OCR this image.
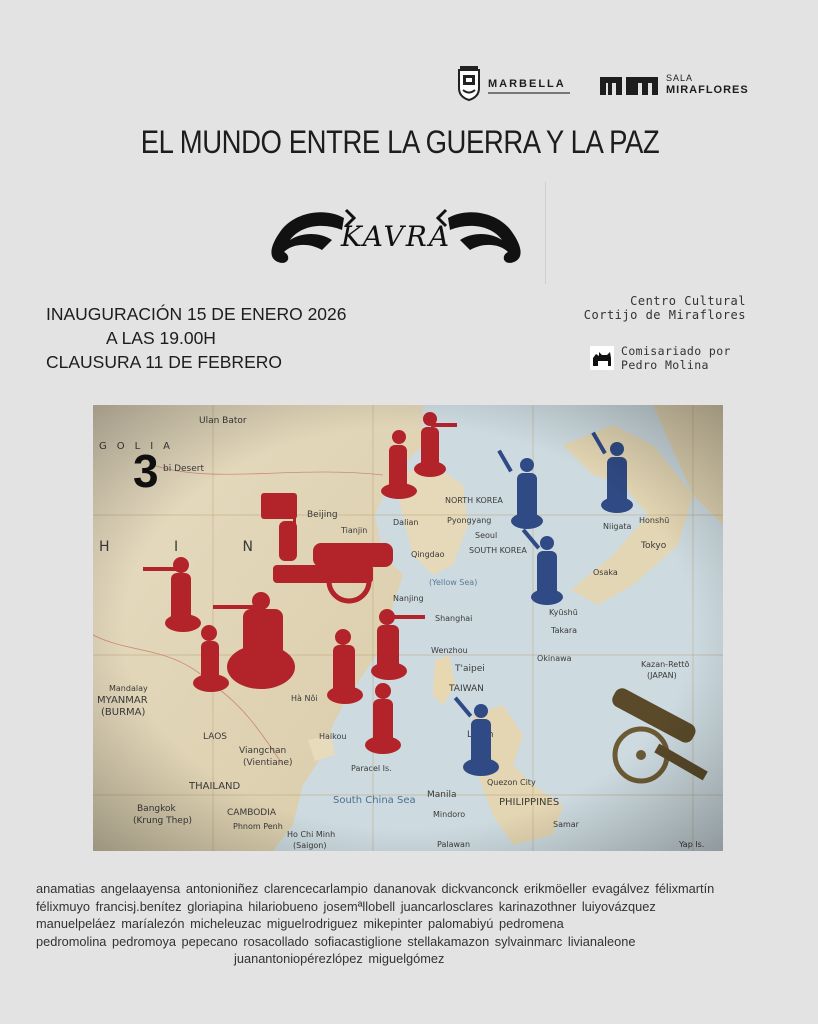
MARBELLA	SALA
MIRAFLORES
EL MUNDO ENTRE LA GUERRA Y LA PAZ
KAVRA
INAUGURACIÓN 15 DE ENERO 2026
A LAS 19.00H
CLAUSURA 11 DE FEBRERO
Centro Cultural
Cortijo de Miraflores
Comisariado por
Pedro Molina
anamatias angelaayensa antonioniñez clarencecarlampio dananovak dickvanconck erikmöeller evagálvez félixmartín
félixmuyo francisj.benítez gloriapina hilariobueno josemªllobell juancarlosclares karinazothner luiyovázquez
manuelpeláez maríalezón micheleuzac miguelrodriguez mikepinter palomabiyú pedromena
pedromolina pedromoya pepecano rosacollado sofiacastiglione stellakamazon sylvainmarc livianaleone
juanantoniopérezlópez miguelgómez
